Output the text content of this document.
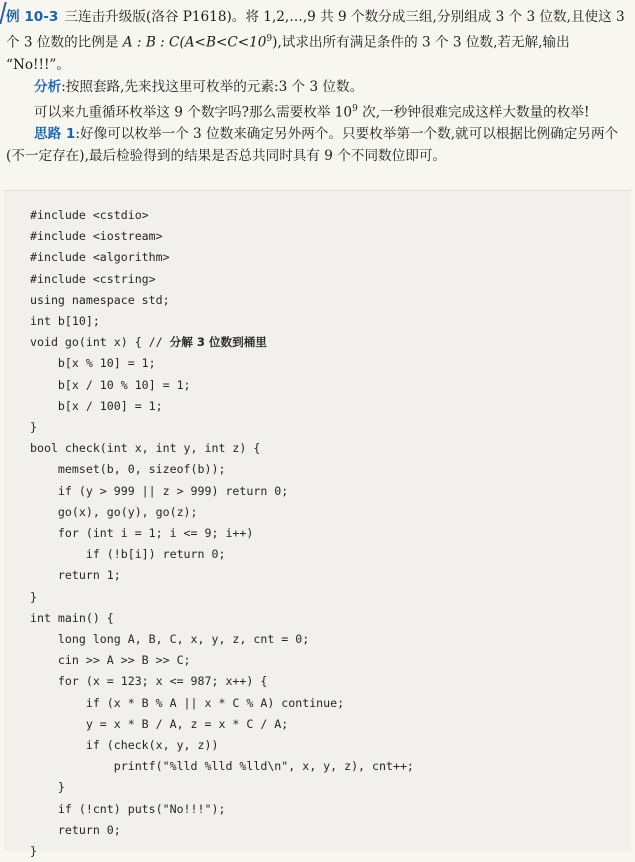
例 10-3 三连击升级版(洛谷 P1618)。将 1,2,…,9 共 9 个数分成三组,分别组成 3 个 3 位数,且使这 3 个 3 位数的比例是 A : B : $C(A<B<C<10^9)$,试求出所有满足条件的 3 个 3 位数,若无解,输出 “No!!!”。

分析:按照套路,先来找这里可枚举的元素:3 个 3 位数。

可以来九重循环枚举这 9 个数字吗?那么需要枚举 $10^9$ 次,一秒钟很难完成这样大数量的枚举!

思路 1:好像可以枚举一个 3 位数来确定另外两个。只要枚举第一个数,就可以根据比例确定另两个(不一定存在),最后检验得到的结果是否总共同时具有 9 个不同数位即可。

#include <cstdio>
#include <iostream>
#include <algorithm>
#include <cstring>
using namespace std;
int b[10];
void go(int x) { // 分解 3 位数到桶里
b[x % 10] = 1;
b[x / 10 % 10] = 1;
b[x / 100] = 1;
}
bool check(int x, int y, int z) {
memset(b, 0, sizeof(b));
if (y > 999 || z > 999) return 0;
go(x), go(y), go(z);
for (int i = 1; i <= 9; i++)
if (!b[i]) return 0;
return 1;
}
int main() {
long long A, B, C, x, y, z, cnt = 0;
cin >> A >> B >> C;
for (x = 123; x <= 987; x++) {
if (x * B % A || x * C % A) continue;
y = x * B / A, z = x * C / A;
if (check(x, y, z))
printf("%lld %lld %lld\n", x, y, z), cnt++;
}
if (!cnt) puts("No!!!");
return 0;
}
